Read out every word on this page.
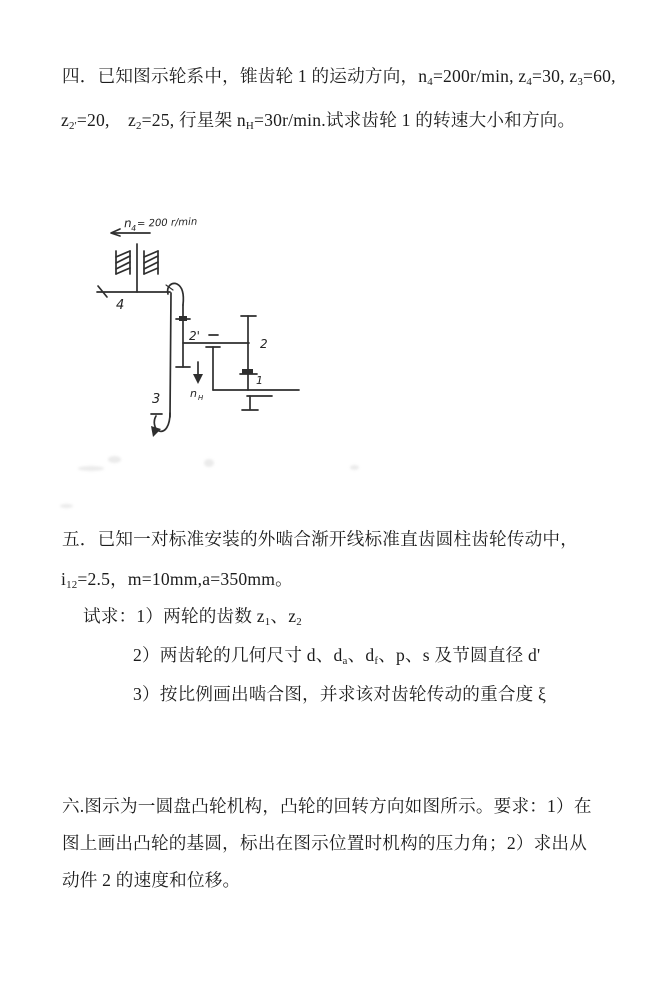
四．已知图示轮系中，锥齿轮 1 的运动方向，$n_4=200r/\min$, $z_4=30$, $z_3=60$,
$z_{2'}=20$,    $z_2=25$, 行星架 $n_H=30r/\min$.试求齿轮 1 的转速大小和方向。
n 4 = 200 r/min
4
3
2'
2
1
n H
五．已知一对标准安装的外啮合渐开线标准直齿圆柱齿轮传动中，
$i_{12}=2.5$，m=10mm,a=350mm。
试求：1）两轮的齿数 $z_1$、$z_2$
2）两齿轮的几何尺寸 d、$d_a$、$d_f$、p、s 及节圆直径 d'
3）按比例画出啮合图，并求该对齿轮传动的重合度 ξ
六.图示为一圆盘凸轮机构，凸轮的回转方向如图所示。要求：1）在
图上画出凸轮的基圆，标出在图示位置时机构的压力角；2）求出从
动件 2 的速度和位移。
